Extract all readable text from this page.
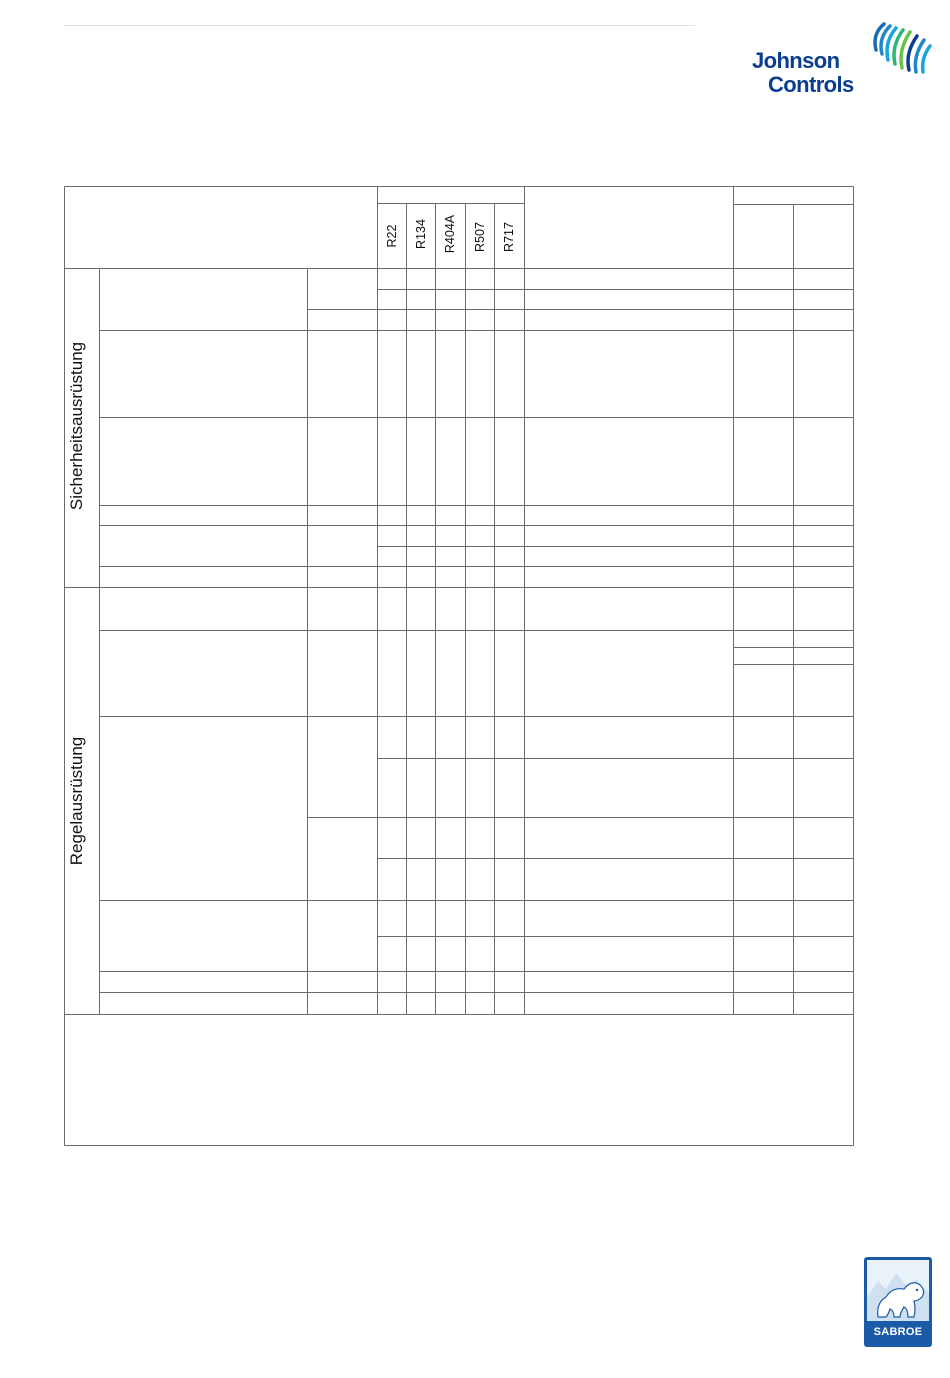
Johnson
Controls
R22 R134 R404A R507 R717
Sicherheitsausrüstung
Regelausrüstung
SABROE
